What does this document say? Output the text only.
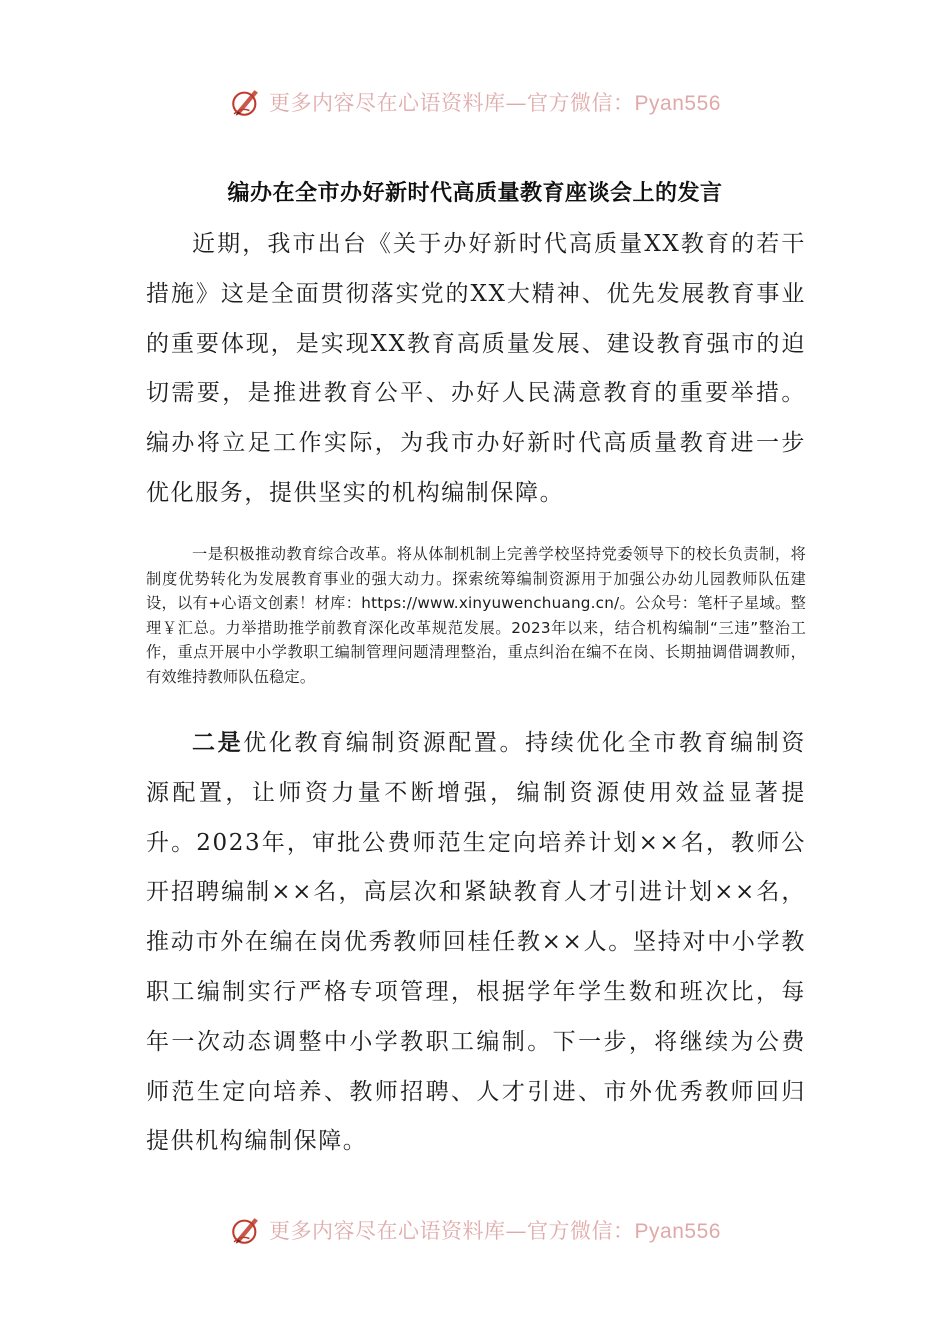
更多内容尽在心语资料库—官方微信：Pyan556
编办在全市办好新时代高质量教育座谈会上的发言

近期，我市出台《关于办好新时代高质量XX教育的若干措施》这是全面贯彻落实党的XX大精神、优先发展教育事业的重要体现，是实现XX教育高质量发展、建设教育强市的迫切需要，是推进教育公平、办好人民满意教育的重要举措。编办将立足工作实际，为我市办好新时代高质量教育进一步优化服务，提供坚实的机构编制保障。

一是积极推动教育综合改革。将从体制机制上完善学校坚持党委领导下的校长负责制，将制度优势转化为发展教育事业的强大动力。探索统筹编制资源用于加强公办幼儿园教师队伍建设，以有+心语文创素！材库：https://www.xinyuwenchuang.cn/。公众号：笔杆子星域。整理￥汇总。力举措助推学前教育深化改革规范发展。2023年以来，结合机构编制“三违”整治工作，重点开展中小学教职工编制管理问题清理整治，重点纠治在编不在岗、长期抽调借调教师，有效维持教师队伍稳定。

二是优化教育编制资源配置。持续优化全市教育编制资源配置，让师资力量不断增强，编制资源使用效益显著提升。2023年，审批公费师范生定向培养计划××名，教师公开招聘编制××名，高层次和紧缺教育人才引进计划××名，推动市外在编在岗优秀教师回桂任教××人。坚持对中小学教职工编制实行严格专项管理，根据学年学生数和班次比，每年一次动态调整中小学教职工编制。下一步，将继续为公费师范生定向培养、教师招聘、人才引进、市外优秀教师回归提供机构编制保障。

更多内容尽在心语资料库—官方微信：Pyan556
